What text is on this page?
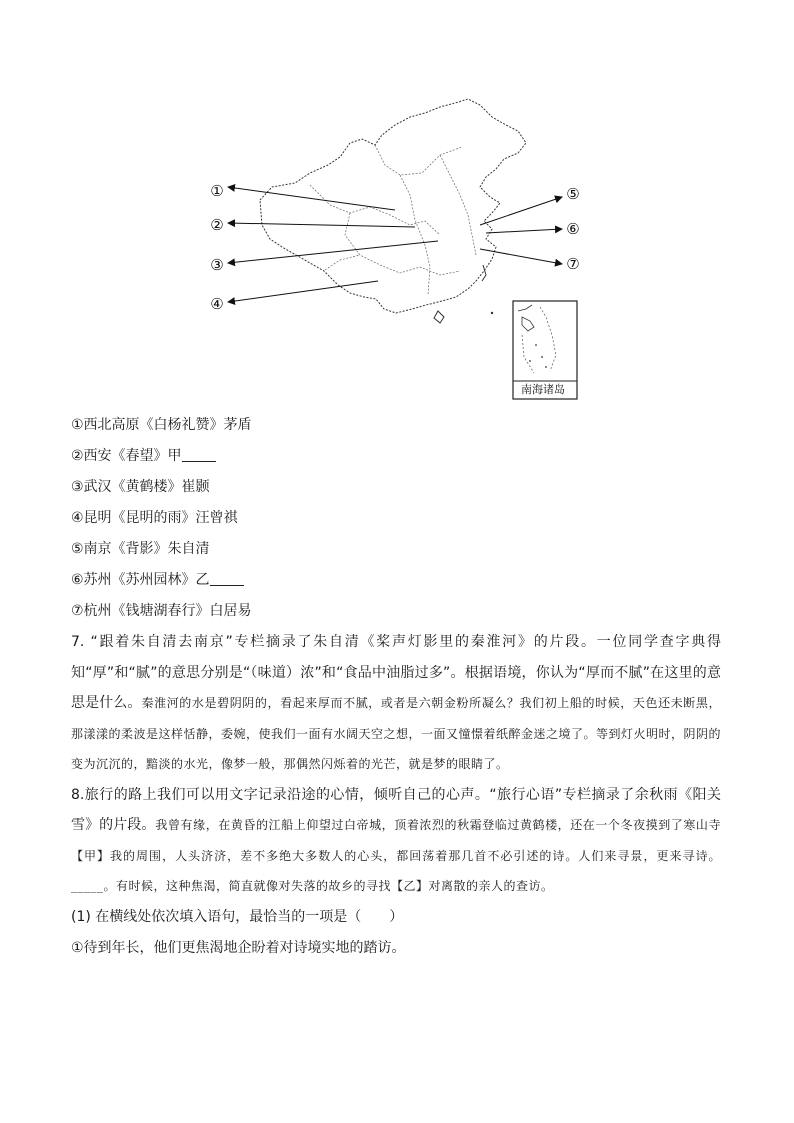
①
②
③
④
⑤
⑥
⑦
南海诸岛
①西北高原《白杨礼赞》茅盾
②西安《春望》甲
③武汉《黄鹤楼》崔颢
④昆明《昆明的雨》汪曾祺
⑤南京《背影》朱自清
⑥苏州《苏州园林》乙
⑦杭州《钱塘湖春行》白居易

7. “跟着朱自清去南京”专栏摘录了朱自清《桨声灯影里的秦淮河》的片段。一位同学查字典得知“厚”和“腻”的意思分别是“（味道）浓”和“食品中油脂过多”。根据语境，你认为“厚而不腻”在这里的意思是什么。秦淮河的水是碧阴阴的，看起来厚而不腻，或者是六朝金粉所凝么？我们初上船的时候，天色还未断黑，那漾漾的柔波是这样恬静，委婉，使我们一面有水阔天空之想，一面又憧憬着纸醉金迷之境了。等到灯火明时，阴阴的变为沉沉的，黯淡的水光，像梦一般，那偶然闪烁着的光芒，就是梦的眼睛了。

8.旅行的路上我们可以用文字记录沿途的心情，倾听自己的心声。“旅行心语”专栏摘录了余秋雨《阳关雪》的片段。我曾有缘，在黄昏的江船上仰望过白帝城，顶着浓烈的秋霜登临过黄鹤楼，还在一个冬夜摸到了寒山寺【甲】我的周围，人头济济，差不多绝大多数人的心头，都回荡着那几首不必引述的诗。人们来寻景，更来寻诗。_____。有时候，这种焦渴，简直就像对失落的故乡的寻找【乙】对离散的亲人的查访。

(1) 在横线处依次填入语句，最恰当的一项是（　　）
①待到年长，他们更焦渴地企盼着对诗境实地的踏访。
